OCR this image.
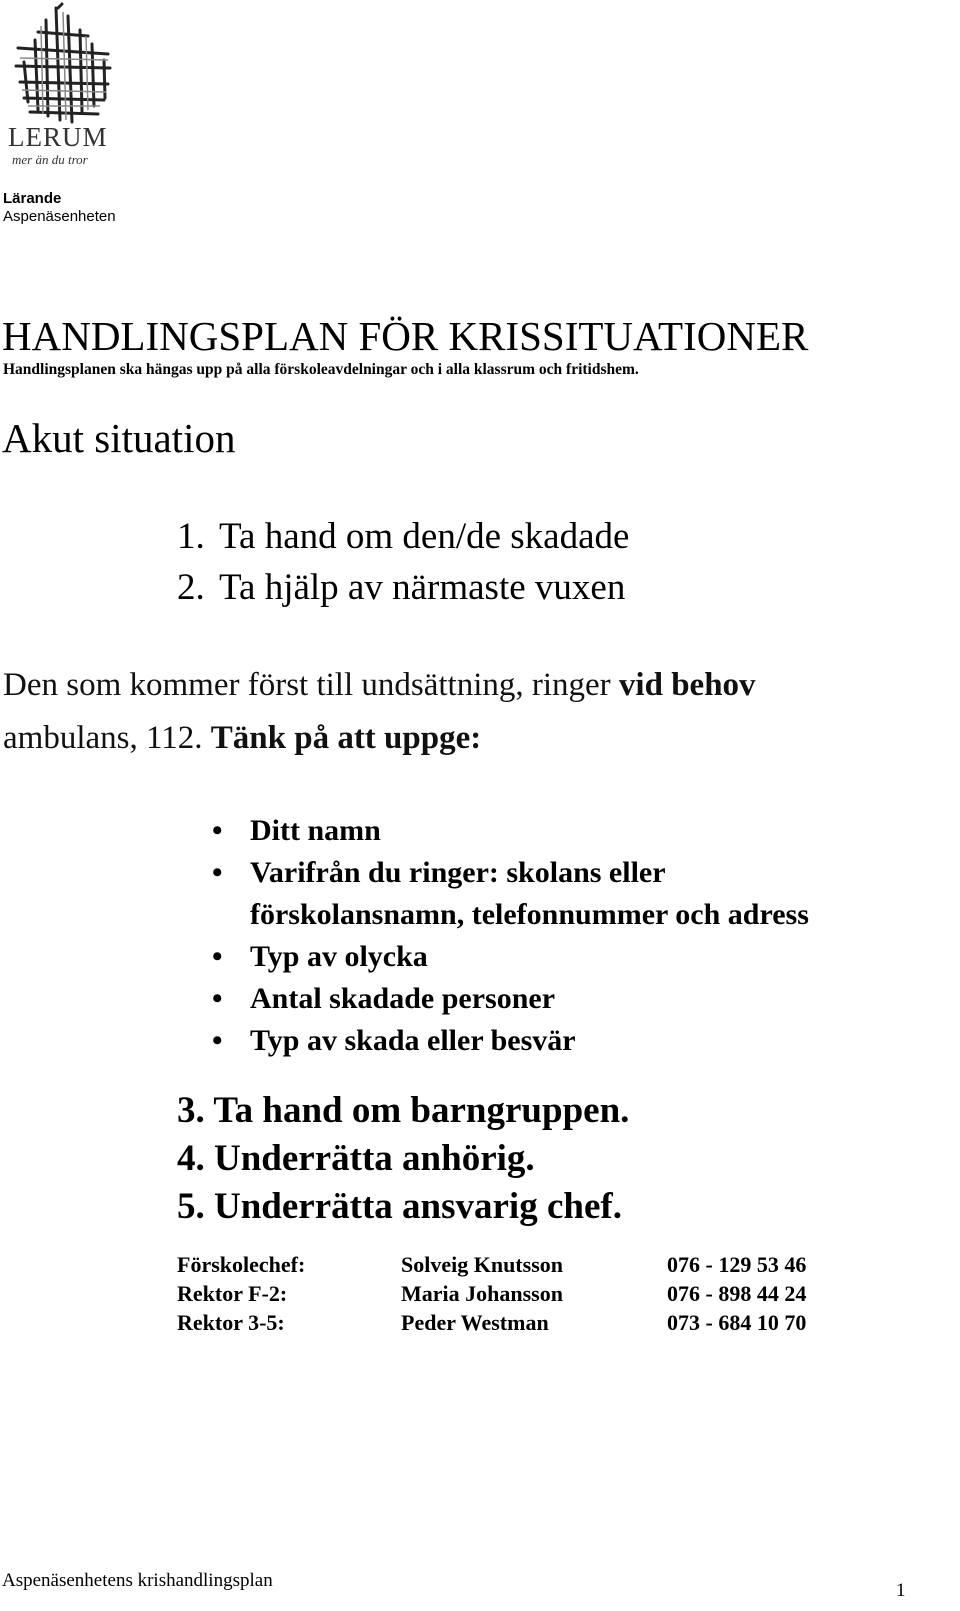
LERUM
mer än du tror
Lärande
Aspenäsenheten
HANDLINGSPLAN FÖR KRISSITUATIONER
Handlingsplanen ska hängas upp på alla förskoleavdelningar och i alla klassrum och fritidshem.
Akut situation
1. Ta hand om den/de skadade
2. Ta hjälp av närmaste vuxen
Den som kommer först till undsättning, ringer vid behov
ambulans, 112. Tänk på att uppge:
• Ditt namn
• Varifrån du ringer: skolans eller
förskolansnamn, telefonnummer och adress
• Typ av olycka
• Antal skadade personer
• Typ av skada eller besvär
3. Ta hand om barngruppen.
4. Underrätta anhörig.
5. Underrätta ansvarig chef.
Förskolechef:	Solveig Knutsson	076 - 129 53 46
Rektor F-2:	Maria Johansson	076 - 898 44 24
Rektor 3-5:	Peder Westman	073 - 684 10 70
Aspenäsenhetens krishandlingsplan	1
